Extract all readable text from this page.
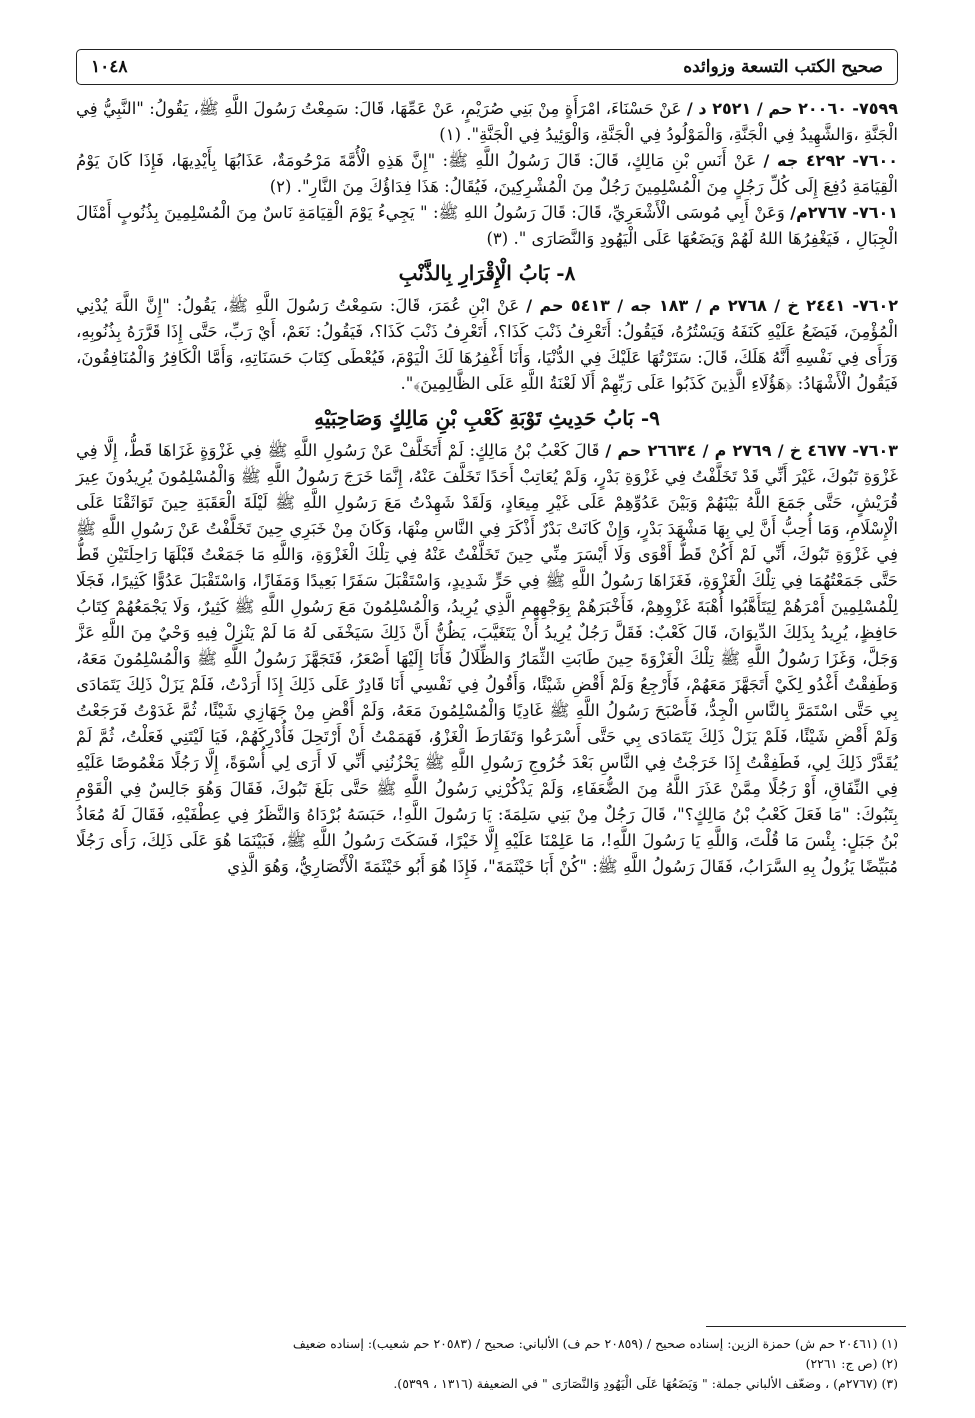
صحيح الكتب التسعة وزوائده
١٠٤٨

٧٥٩٩- ٢٠٠٦٠ حم / ٢٥٢١ د / عَنْ حَسْنَاءَ، امْرَأَةٍ مِنْ بَنِي صُرَيْمٍ، عَنْ عَمِّهَا، قَالَ: سَمِعْتُ رَسُولَ اللَّهِ ﷺ، يَقُولُ: "النَّبِيُّ فِي الْجَنَّةِ ،وَالشَّهِيدُ فِي الْجَنَّةِ، وَالْمَوْلُودُ فِي الْجَنَّةِ، وَالْوَئِيدُ فِي الْجَنَّةِ". (١)

٧٦٠٠- ٤٢٩٢ جه / عَنْ أَنَسِ بْنِ مَالِكٍ، قَالَ: قَالَ رَسُولُ اللَّهِ ﷺ: "إِنَّ هَذِهِ الْأُمَّةَ مَرْحُومَةٌ، عَذَابُهَا بِأَيْدِيهَا، فَإِذَا كَانَ يَوْمُ الْقِيَامَةِ دُفِعَ إِلَى كُلِّ رَجُلٍ مِنَ الْمُسْلِمِينَ رَجُلٌ مِنَ الْمُشْرِكِينَ، فَيُقَالُ: هَذَا فِدَاؤُكَ مِنَ النَّارِ". (٢)

٧٦٠١- ٢٧٦٧م/ وَعَنْ أَبِي مُوسَى الْأَشْعَرِيِّ، قَالَ: قَالَ رَسُولُ اللهِ ﷺ: " يَجِيءُ يَوْمَ الْقِيَامَةِ نَاسٌ مِنَ الْمُسْلِمِينَ بِذُنُوبٍ أَمْثَالَ الْجِبَالِ ، فَيَغْفِرُهَا اللهُ لَهُمْ وَيَضَعُهَا عَلَى الْيَهُودِ وَالنَّصَارَى ". (٣)

٨- بَابُ الْإِقْرَارِ بِالذَّنْبِ

٧٦٠٢- ٢٤٤١ خ / ٢٧٦٨ م / ١٨٣ جه / ٥٤١٣ حم / عَنْ ابْنِ عُمَرَ، قَالَ: سَمِعْتُ رَسُولَ اللَّهِ ﷺ، يَقُولُ: "إِنَّ اللَّهَ يُدْنِي الْمُؤْمِنَ، فَيَضَعُ عَلَيْهِ كَنَفَهُ وَيَسْتُرُهُ، فَيَقُولُ: أَتَعْرِفُ ذَنْبَ كَذَا؟، أَتَعْرِفُ ذَنْبَ كَذَا؟، فَيَقُولُ: نَعَمْ، أَيْ رَبِّ، حَتَّى إِذَا قَرَّرَهُ بِذُنُوبِهِ، وَرَأَى فِي نَفْسِهِ أَنَّهُ هَلَكَ، قَالَ: سَتَرْتُهَا عَلَيْكَ فِي الدُّنْيَا، وَأَنَا أَغْفِرُهَا لَكَ الْيَوْمَ، فَيُعْطَى كِتَابَ حَسَنَاتِهِ، وَأَمَّا الْكَافِرُ وَالْمُنَافِقُونَ، فَيَقُولُ الْأَشْهَادُ: ﴿هَؤُلَاءِ الَّذِينَ كَذَبُوا عَلَى رَبِّهِمْ أَلَا لَعْنَةُ اللَّهِ عَلَى الظَّالِمِينَ﴾".

٩- بَابُ حَدِيثِ تَوْبَةِ كَعْبِ بْنِ مَالِكٍ وَصَاحِبَيْهِ

٧٦٠٣- ٤٦٧٧ خ / ٢٧٦٩ م / ٢٦٦٣٤ حم / قَالَ كَعْبُ بْنُ مَالِكٍ: لَمْ أَتَخَلَّفْ عَنْ رَسُولِ اللَّهِ ﷺ فِي غَزْوَةٍ غَزَاهَا قَطُّ، إِلَّا فِي غَزْوَةِ تَبُوكَ، غَيْرَ أَنِّي قَدْ تَخَلَّفْتُ فِي غَزْوَةِ بَدْرٍ، وَلَمْ يُعَاتِبْ أَحَدًا تَخَلَّفَ عَنْهُ، إِنَّمَا خَرَجَ رَسُولُ اللَّهِ ﷺ وَالْمُسْلِمُونَ يُرِيدُونَ عِيرَ قُرَيْشٍ، حَتَّى جَمَعَ اللَّهُ بَيْنَهُمْ وَبَيْنَ عَدُوِّهِمْ عَلَى غَيْرِ مِيعَادٍ، وَلَقَدْ شَهِدْتُ مَعَ رَسُولِ اللَّهِ ﷺ لَيْلَةَ الْعَقَبَةِ حِينَ تَوَاثَقْنَا عَلَى الْإِسْلَامِ، وَمَا أُحِبُّ أَنَّ لِي بِهَا مَشْهَدَ بَدْرٍ، وَإِنْ كَانَتْ بَدْرٌ أَذْكَرَ فِي النَّاسِ مِنْهَا، وَكَانَ مِنْ خَبَرِي حِينَ تَخَلَّفْتُ عَنْ رَسُولِ اللَّهِ ﷺ فِي غَزْوَةِ تَبُوكَ، أَنِّي لَمْ أَكُنْ قَطُّ أَقْوَى وَلَا أَيْسَرَ مِنِّي حِينَ تَخَلَّفْتُ عَنْهُ فِي تِلْكَ الْغَزْوَةِ، وَاللَّهِ مَا جَمَعْتُ قَبْلَهَا رَاحِلَتَيْنِ قَطُّ حَتَّى جَمَعْتُهُمَا فِي تِلْكَ الْغَزْوَةِ، فَغَزَاهَا رَسُولُ اللَّهِ ﷺ فِي حَرٍّ شَدِيدٍ، وَاسْتَقْبَلَ سَفَرًا بَعِيدًا وَمَفَازًا، وَاسْتَقْبَلَ عَدُوًّا كَثِيرًا، فَجَلَا لِلْمُسْلِمِينَ أَمْرَهُمْ لِيَتَأَهَّبُوا أُهْبَةَ غَزْوِهِمْ، فَأَخْبَرَهُمْ بِوَجْهِهِمِ الَّذِي يُرِيدُ، وَالْمُسْلِمُونَ مَعَ رَسُولِ اللَّهِ ﷺ كَثِيرٌ، وَلَا يَجْمَعُهُمْ كِتَابُ حَافِظٍ، يُرِيدُ بِذَلِكَ الدِّيوَانَ، قَالَ كَعْبٌ: فَقَلَّ رَجُلٌ يُرِيدُ أَنْ يَتَغَيَّبَ، يَظُنُّ أَنَّ ذَلِكَ سَيَخْفَى لَهُ مَا لَمْ يَنْزِلْ فِيهِ وَحْيٌ مِنَ اللَّهِ عَزَّ وَجَلَّ، وَغَزَا رَسُولُ اللَّهِ ﷺ تِلْكَ الْغَزْوَةَ حِينَ طَابَتِ الثِّمَارُ وَالظِّلَالُ فَأَنَا إِلَيْهَا أَصْعَرُ، فَتَجَهَّزَ رَسُولُ اللَّهِ ﷺ وَالْمُسْلِمُونَ مَعَهُ، وَطَفِقْتُ أَغْدُو لِكَيْ أَتَجَهَّزَ مَعَهُمْ، فَأَرْجِعُ وَلَمْ أَقْضِ شَيْئًا، وَأَقُولُ فِي نَفْسِي أَنَا قَادِرٌ عَلَى ذَلِكَ إِذَا أَرَدْتُ، فَلَمْ يَزَلْ ذَلِكَ يَتَمَادَى بِي حَتَّى اسْتَمَرَّ بِالنَّاسِ الْجِدُّ، فَأَصْبَحَ رَسُولُ اللَّهِ ﷺ غَادِيًا وَالْمُسْلِمُونَ مَعَهُ، وَلَمْ أَقْضِ مِنْ جَهَازِي شَيْئًا، ثُمَّ غَدَوْتُ فَرَجَعْتُ وَلَمْ أَقْضِ شَيْئًا، فَلَمْ يَزَلْ ذَلِكَ يَتَمَادَى بِي حَتَّى أَسْرَعُوا وَتَفَارَطَ الْغَزْوُ، فَهَمَمْتُ أَنْ أَرْتَحِلَ فَأُدْرِكَهُمْ، فَيَا لَيْتَنِي فَعَلْتُ، ثُمَّ لَمْ يُقَدَّرْ ذَلِكَ لِي، فَطَفِقْتُ إِذَا خَرَجْتُ فِي النَّاسِ بَعْدَ خُرُوجِ رَسُولِ اللَّهِ ﷺ يَحْزُنُنِي أَنِّي لَا أَرَى لِي أُسْوَةً، إِلَّا رَجُلًا مَغْمُوصًا عَلَيْهِ فِي النِّفَاقِ، أَوْ رَجُلًا مِمَّنْ عَذَرَ اللَّهُ مِنَ الضُّعَفَاءِ، وَلَمْ يَذْكُرْنِي رَسُولُ اللَّهِ ﷺ حَتَّى بَلَغَ تَبُوكَ، فَقَالَ وَهُوَ جَالِسٌ فِي الْقَوْمِ بِتَبُوكَ: "مَا فَعَلَ كَعْبُ بْنُ مَالِكٍ؟"، قَالَ رَجُلٌ مِنْ بَنِي سَلِمَةَ: يَا رَسُولَ اللَّهِ!، حَبَسَهُ بُرْدَاهُ وَالنَّظَرُ فِي عِطْفَيْهِ، فَقَالَ لَهُ مُعَاذُ بْنُ جَبَلٍ: بِئْسَ مَا قُلْتَ، وَاللَّهِ يَا رَسُولَ اللَّهِ!، مَا عَلِمْنَا عَلَيْهِ إِلَّا خَيْرًا، فَسَكَتَ رَسُولُ اللَّهِ ﷺ، فَبَيْنَمَا هُوَ عَلَى ذَلِكَ، رَأَى رَجُلًا مُبَيِّضًا يَزُولُ بِهِ السَّرَابُ، فَقَالَ رَسُولُ اللَّهِ ﷺ: "كُنْ أَبَا خَيْثَمَةَ"، فَإِذَا هُوَ أَبُو خَيْثَمَةَ الْأَنْصَارِيُّ، وَهُوَ الَّذِي

(١) (٢٠٤٦١ حم ش) حمزة الزين: إسناده صحيح / (٢٠٨٥٩ حم ف) الألباني: صحيح / (٢٠٥٨٣ حم شعيب): إسناده ضعيف

(٢) (ص ج: ٢٢٦١)

(٣) (٢٧٦٧م) ، وضعّف الألباني جملة: " وَيَضَعُهَا عَلَى الْيَهُودِ وَالنَّصَارَى " في الضعيفة (١٣١٦ ، ٥٣٩٩).
